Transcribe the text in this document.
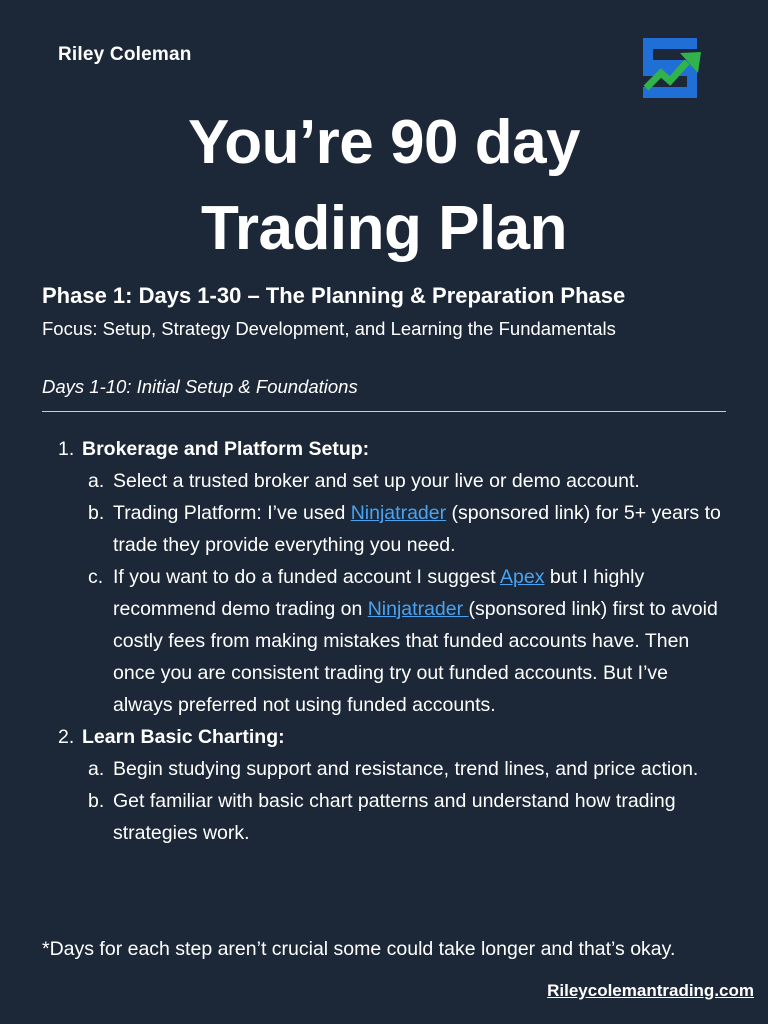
Riley Coleman
You’re 90 day
Trading Plan
Phase 1: Days 1-30 – The Planning & Preparation Phase
Focus: Setup, Strategy Development, and Learning the Fundamentals
Days 1-10: Initial Setup & Foundations
1. Brokerage and Platform Setup:
a. Select a trusted broker and set up your live or demo account.
b. Trading Platform: I’ve used Ninjatrader (sponsored link) for 5+ years to trade they provide everything you need.
c. If you want to do a funded account I suggest Apex but I highly recommend demo trading on Ninjatrader (sponsored link) first to avoid costly fees from making mistakes that funded accounts have. Then once you are consistent trading try out funded accounts. But I’ve always preferred not using funded accounts.
2. Learn Basic Charting:
a. Begin studying support and resistance, trend lines, and price action.
b. Get familiar with basic chart patterns and understand how trading strategies work.
*Days for each step aren’t crucial some could take longer and that’s okay.
Rileycolemantrading.com
